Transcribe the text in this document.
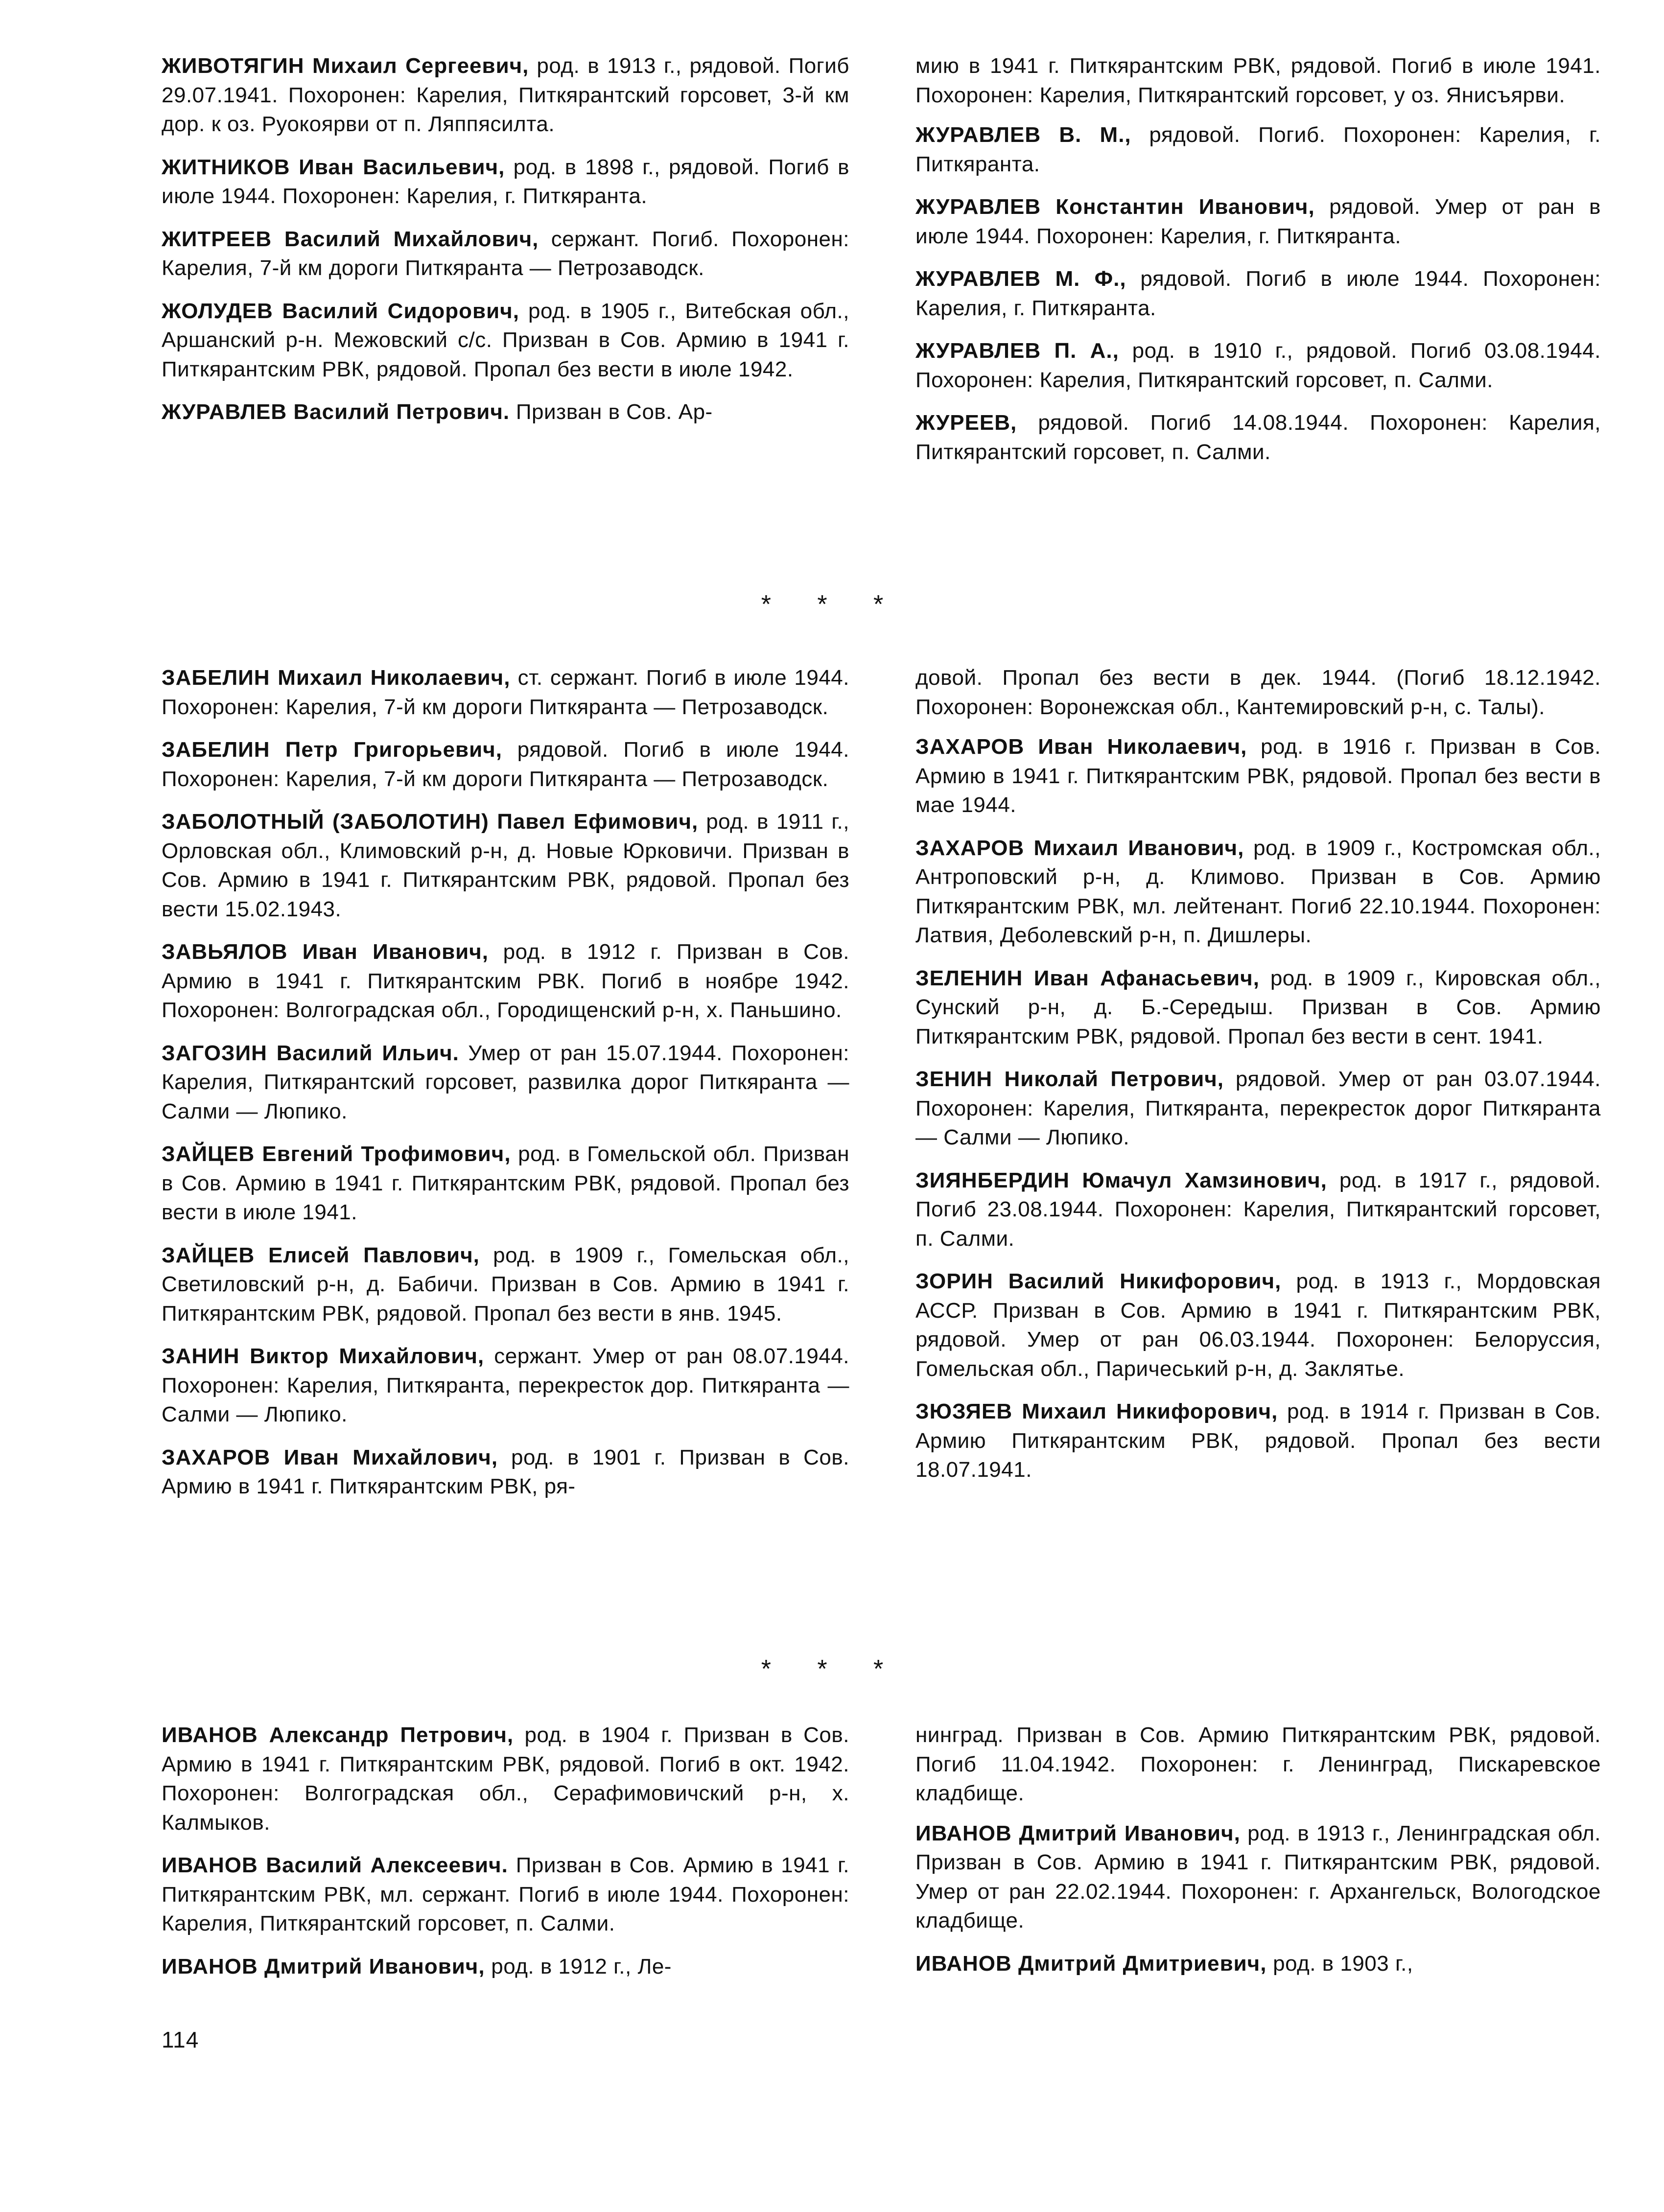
ЖИВОТЯГИН Михаил Сергеевич, род. в 1913 г., рядовой. Погиб 29.07.1941. Похоронен: Карелия, Питкярантский горсовет, 3-й км дор. к оз. Руокоярви от п. Ляппясилта.

ЖИТНИКОВ Иван Васильевич, род. в 1898 г., рядовой. Погиб в июле 1944. Похоронен: Карелия, г. Питкяранта.

ЖИТРЕЕВ Василий Михайлович, сержант. Погиб. Похоронен: Карелия, 7-й км дороги Питкяранта — Петрозаводск.

ЖОЛУДЕВ Василий Сидорович, род. в 1905 г., Витебская обл., Аршанский р-н. Межовский с/с. Призван в Сов. Армию в 1941 г. Питкярантским РВК, рядовой. Пропал без вести в июле 1942.

ЖУРАВЛЕВ Василий Петрович. Призван в Сов. Ар-

мию в 1941 г. Питкярантским РВК, рядовой. Погиб в июле 1941. Похоронен: Карелия, Питкярантский горсовет, у оз. Янисъярви.

ЖУРАВЛЕВ В. М., рядовой. Погиб. Похоронен: Карелия, г. Питкяранта.

ЖУРАВЛЕВ Константин Иванович, рядовой. Умер от ран в июле 1944. Похоронен: Карелия, г. Питкяранта.

ЖУРАВЛЕВ М. Ф., рядовой. Погиб в июле 1944. Похоронен: Карелия, г. Питкяранта.

ЖУРАВЛЕВ П. А., род. в 1910 г., рядовой. Погиб 03.08.1944. Похоронен: Карелия, Питкярантский горсовет, п. Салми.

ЖУРЕЕВ, рядовой. Погиб 14.08.1944. Похоронен: Карелия, Питкярантский горсовет, п. Салми.

* * *

ЗАБЕЛИН Михаил Николаевич, ст. сержант. Погиб в июле 1944. Похоронен: Карелия, 7-й км дороги Питкяранта — Петрозаводск.

ЗАБЕЛИН Петр Григорьевич, рядовой. Погиб в июле 1944. Похоронен: Карелия, 7-й км дороги Питкяранта — Петрозаводск.

ЗАБОЛОТНЫЙ (ЗАБОЛОТИН) Павел Ефимович, род. в 1911 г., Орловская обл., Климовский р-н, д. Новые Юрковичи. Призван в Сов. Армию в 1941 г. Питкярантским РВК, рядовой. Пропал без вести 15.02.1943.

ЗАВЬЯЛОВ Иван Иванович, род. в 1912 г. Призван в Сов. Армию в 1941 г. Питкярантским РВК. Погиб в ноябре 1942. Похоронен: Волгоградская обл., Городищенский р-н, х. Паньшино.

ЗАГОЗИН Василий Ильич. Умер от ран 15.07.1944. Похоронен: Карелия, Питкярантский горсовет, развилка дорог Питкяранта — Салми — Люпико.

ЗАЙЦЕВ Евгений Трофимович, род. в Гомельской обл. Призван в Сов. Армию в 1941 г. Питкярантским РВК, рядовой. Пропал без вести в июле 1941.

ЗАЙЦЕВ Елисей Павлович, род. в 1909 г., Гомельская обл., Светиловский р-н, д. Бабичи. Призван в Сов. Армию в 1941 г. Питкярантским РВК, рядовой. Пропал без вести в янв. 1945.

ЗАНИН Виктор Михайлович, сержант. Умер от ран 08.07.1944. Похоронен: Карелия, Питкяранта, перекресток дор. Питкяранта — Салми — Люпико.

ЗАХАРОВ Иван Михайлович, род. в 1901 г. Призван в Сов. Армию в 1941 г. Питкярантским РВК, ря-

довой. Пропал без вести в дек. 1944. (Погиб 18.12.1942. Похоронен: Воронежская обл., Кантемировский р-н, с. Талы).

ЗАХАРОВ Иван Николаевич, род. в 1916 г. Призван в Сов. Армию в 1941 г. Питкярантским РВК, рядовой. Пропал без вести в мае 1944.

ЗАХАРОВ Михаил Иванович, род. в 1909 г., Костромская обл., Антроповский р-н, д. Климово. Призван в Сов. Армию Питкярантским РВК, мл. лейтенант. Погиб 22.10.1944. Похоронен: Латвия, Деболевский р-н, п. Дишлеры.

ЗЕЛЕНИН Иван Афанасьевич, род. в 1909 г., Кировская обл., Сунский р-н, д. Б.-Середыш. Призван в Сов. Армию Питкярантским РВК, рядовой. Пропал без вести в сент. 1941.

ЗЕНИН Николай Петрович, рядовой. Умер от ран 03.07.1944. Похоронен: Карелия, Питкяранта, перекресток дорог Питкяранта — Салми — Люпико.

ЗИЯНБЕРДИН Юмачул Хамзинович, род. в 1917 г., рядовой. Погиб 23.08.1944. Похоронен: Карелия, Питкярантский горсовет, п. Салми.

ЗОРИН Василий Никифорович, род. в 1913 г., Мордовская АССР. Призван в Сов. Армию в 1941 г. Питкярантским РВК, рядовой. Умер от ран 06.03.1944. Похоронен: Белоруссия, Гомельская обл., Паричеський р-н, д. Заклятье.

ЗЮЗЯЕВ Михаил Никифорович, род. в 1914 г. Призван в Сов. Армию Питкярантским РВК, рядовой. Пропал без вести 18.07.1941.

* * *

ИВАНОВ Александр Петрович, род. в 1904 г. Призван в Сов. Армию в 1941 г. Питкярантским РВК, рядовой. Погиб в окт. 1942. Похоронен: Волгоградская обл., Серафимовичский р-н, х. Калмыков.

ИВАНОВ Василий Алексеевич. Призван в Сов. Армию в 1941 г. Питкярантским РВК, мл. сержант. Погиб в июле 1944. Похоронен: Карелия, Питкярантский горсовет, п. Салми.

ИВАНОВ Дмитрий Иванович, род. в 1912 г., Ле-

нинград. Призван в Сов. Армию Питкярантским РВК, рядовой. Погиб 11.04.1942. Похоронен: г. Ленинград, Пискаревское кладбище.

ИВАНОВ Дмитрий Иванович, род. в 1913 г., Ленинградская обл. Призван в Сов. Армию в 1941 г. Питкярантским РВК, рядовой. Умер от ран 22.02.1944. Похоронен: г. Архангельск, Вологодское кладбище.

ИВАНОВ Дмитрий Дмитриевич, род. в 1903 г.,

114
